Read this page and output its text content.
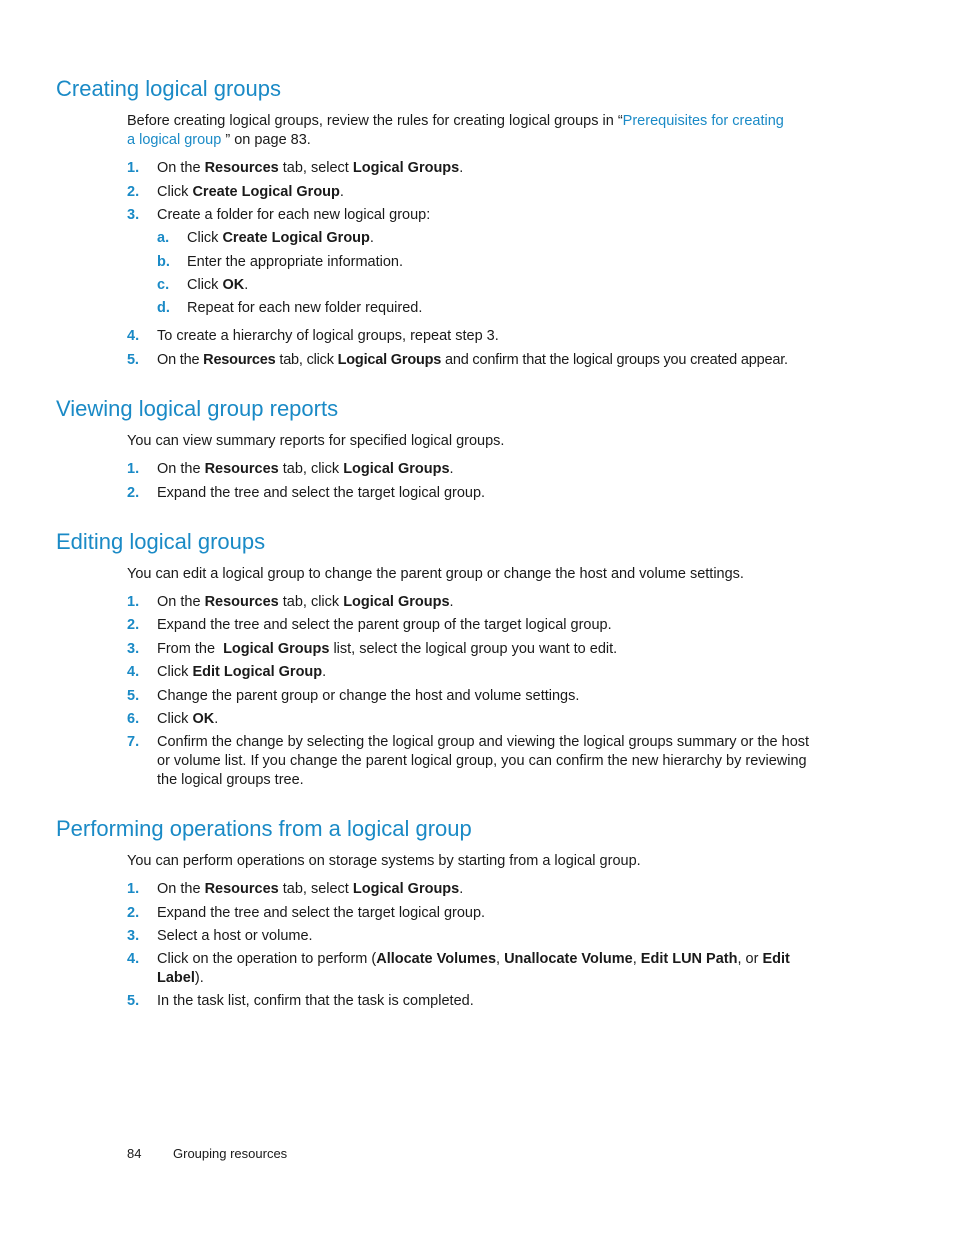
Creating logical groups

Before creating logical groups, review the rules for creating logical groups in “Prerequisites for creating
a logical group ” on page 83.

1. On the Resources tab, select Logical Groups.
2. Click Create Logical Group.
3. Create a folder for each new logical group:
a. Click Create Logical Group.
b. Enter the appropriate information.
c. Click OK.
d. Repeat for each new folder required.
4. To create a hierarchy of logical groups, repeat step 3.
5. On the Resources tab, click Logical Groups and confirm that the logical groups you created appear.
Viewing logical group reports

You can view summary reports for specified logical groups.

1. On the Resources tab, click Logical Groups.
2. Expand the tree and select the target logical group.
Editing logical groups

You can edit a logical group to change the parent group or change the host and volume settings.

1. On the Resources tab, click Logical Groups.
2. Expand the tree and select the parent group of the target logical group.
3. From the  Logical Groups list, select the logical group you want to edit.
4. Click Edit Logical Group.
5. Change the parent group or change the host and volume settings.
6. Click OK.
7. Confirm the change by selecting the logical group and viewing the logical groups summary or the host or volume list. If you change the parent logical group, you can confirm the new hierarchy by reviewing the logical groups tree.
Performing operations from a logical group

You can perform operations on storage systems by starting from a logical group.

1. On the Resources tab, select Logical Groups.
2. Expand the tree and select the target logical group.
3. Select a host or volume.
4. Click on the operation to perform (Allocate Volumes, Unallocate Volume, Edit LUN Path, or Edit Label).
5. In the task list, confirm that the task is completed.
84 Grouping resources
